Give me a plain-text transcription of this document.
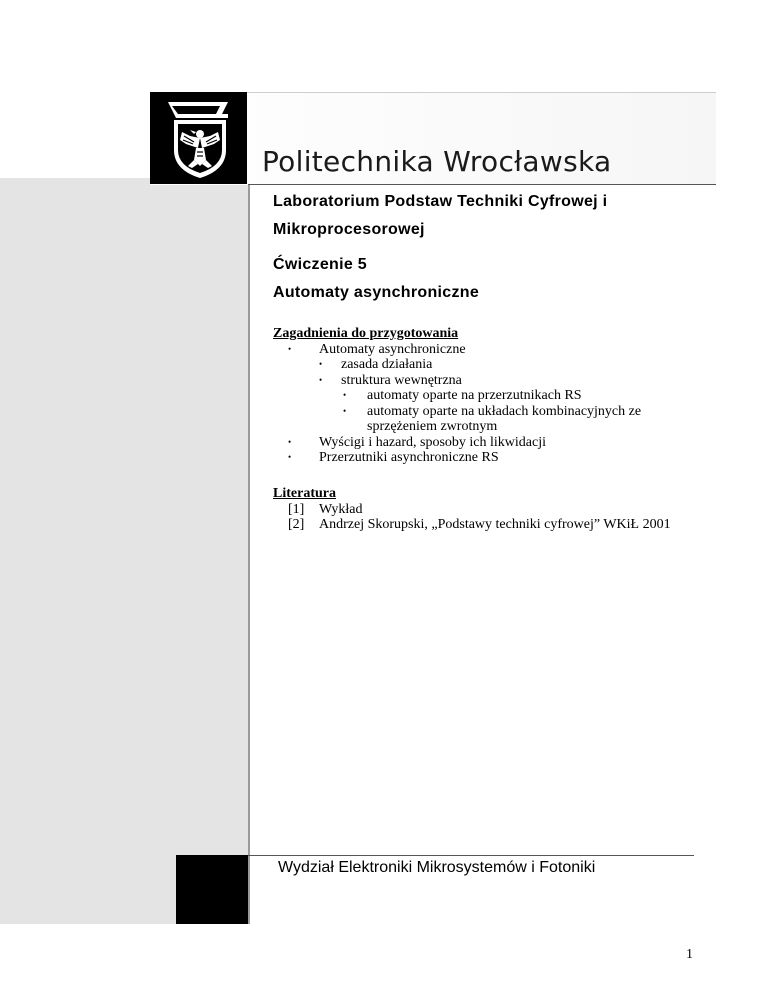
Politechnika Wrocławska
Laboratorium Podstaw Techniki Cyfrowej i Mikroprocesorowej
Ćwiczenie 5
Automaty asynchroniczne
Zagadnienia do przygotowania
• Automaty asynchroniczne
• zasada działania
• struktura wewnętrzna
• automaty oparte na przerzutnikach RS
• automaty oparte na układach kombinacyjnych ze sprzężeniem zwrotnym
• Wyścigi i hazard, sposoby ich likwidacji
• Przerzutniki asynchroniczne RS
Literatura
[1] Wykład
[2] Andrzej Skorupski, „Podstawy techniki cyfrowej” WKiŁ 2001
Wydział Elektroniki Mikrosystemów i Fotoniki
1
